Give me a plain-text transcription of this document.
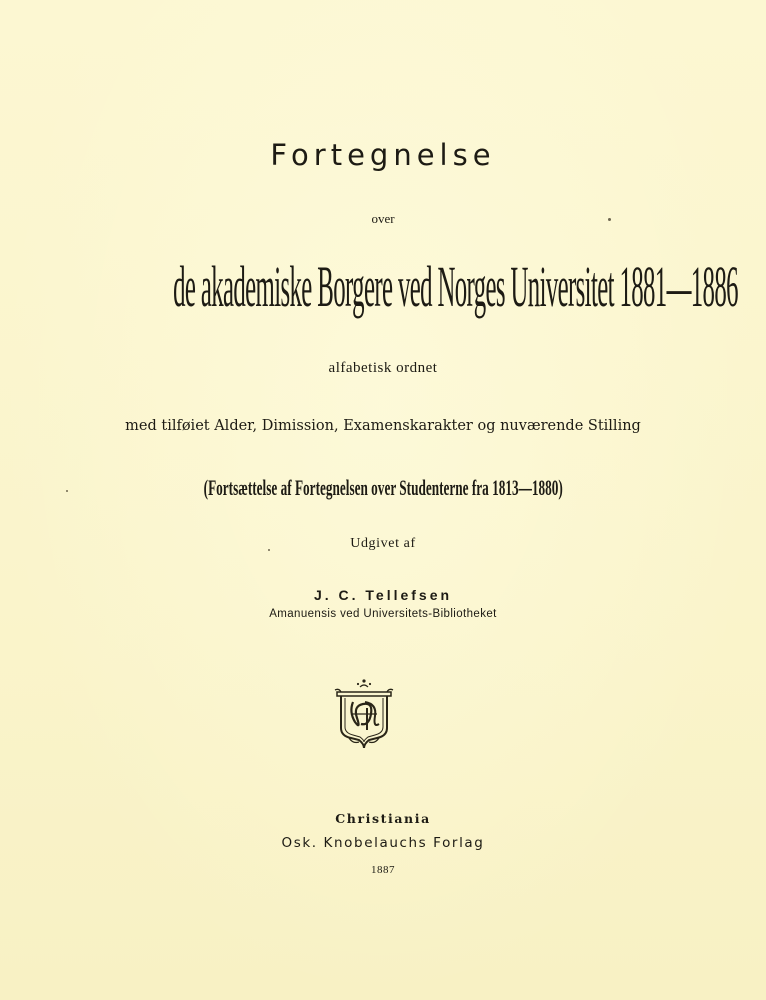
Fortegnelse
over
de akademiske Borgere ved Norges Universitet 1881—1886
alfabetisk ordnet
med tilføiet Alder, Dimission, Examenskarakter og nuværende Stilling
(Fortsættelse af Fortegnelsen over Studenterne fra 1813—1880)
Udgivet af
J. C. Tellefsen
Amanuensis ved Universitets-Bibliotheket
Christiania
Osk. Knobelauchs Forlag
1887
